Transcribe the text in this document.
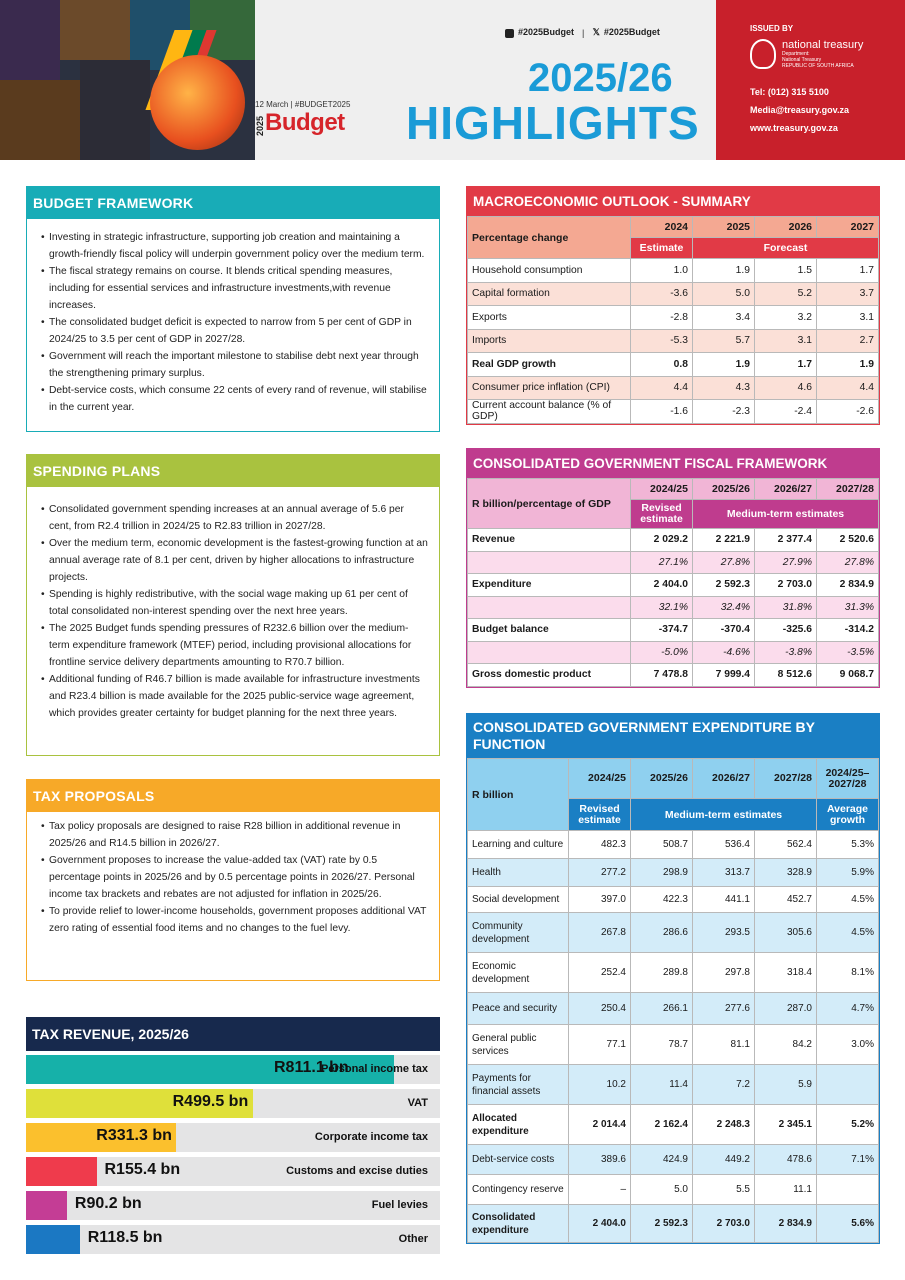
12 March | #BUDGET2025
Budget
2025
#2025Budget | 𝕏 #2025Budget
2025/26
HIGHLIGHTS
ISSUED BY
national treasury
Department:
National Treasury
REPUBLIC OF SOUTH AFRICA
Tel: (012) 315 5100
Media@treasury.gov.za
www.treasury.gov.za
BUDGET FRAMEWORK
• Investing in strategic infrastructure, supporting job creation and maintaining a growth-friendly fiscal policy will underpin government policy over the medium term.
• The fiscal strategy remains on course. It blends critical spending measures, including for essential services and infrastructure investments,with revenue increases.
• The consolidated budget deficit is expected to narrow from 5 per cent of GDP in 2024/25 to 3.5 per cent of GDP in 2027/28.
• Government will reach the important milestone to stabilise debt next year through the strengthening primary surplus.
• Debt-service costs, which consume 22 cents of every rand of revenue, will stabilise in the current year.
SPENDING PLANS
• Consolidated government spending increases at an annual average of 5.6 per cent, from R2.4 trillion in 2024/25 to R2.83 trillion in 2027/28.
• Over the medium term, economic development is the fastest-growing function at an annual average rate of 8.1 per cent, driven by higher allocations to infrastructure projects.
• Spending is highly redistributive, with the social wage making up 61 per cent of total consolidated non-interest spending over the next hree years.
• The 2025 Budget funds spending pressures of R232.6 billion over the medium-term expenditure framework (MTEF) period, including provisional allocations for frontline service delivery departments amounting to R70.7 billion.
• Additional funding of R46.7 billion is made available for infrastructure investments and R23.4 billion is made available for the 2025 public-service wage agreement, which provides greater certainty for budget planning for the next three years.
TAX PROPOSALS
• Tax policy proposals are designed to raise R28 billion in additional revenue in 2025/26 and R14.5 billion in 2026/27.
• Government proposes to increase the value-added tax (VAT) rate by 0.5 percentage points in 2025/26 and by 0.5 percentage points in 2026/27. Personal income tax brackets and rebates are not adjusted for inflation in 2025/26.
• To provide relief to lower-income households, government proposes additional VAT zero rating of essential food items and no changes to the fuel levy.
TAX REVENUE, 2025/26
R811.1 bn
Personal income tax
R499.5 bn	VAT
R331.3 bn	Corporate income tax
R155.4 bn	Customs and excise duties
R90.2 bn	Fuel levies
R118.5 bn	Other
MACROECONOMIC OUTLOOK - SUMMARY
Percentage change	2024	2025	2026	2027
	Estimate	Forecast		
Household consumption	1.0	1.9	1.5	1.7
Capital formation	-3.6	5.0	5.2	3.7
Exports	-2.8	3.4	3.2	3.1
Imports	-5.3	5.7	3.1	2.7
Real GDP growth	0.8	1.9	1.7	1.9
Consumer price inflation (CPI)	4.4	4.3	4.6	4.4
Current account balance (% of GDP)	-1.6	-2.3	-2.4	-2.6
CONSOLIDATED GOVERNMENT FISCAL FRAMEWORK
R billion/percentage of GDP	2024/25	2025/26	2026/27	2027/28
	Revised estimate	Medium-term estimates		
Revenue	2 029.2	2 221.9	2 377.4	2 520.6
	27.1%	27.8%	27.9%	27.8%
Expenditure	2 404.0	2 592.3	2 703.0	2 834.9
	32.1%	32.4%	31.8%	31.3%
Budget balance	-374.7	-370.4	-325.6	-314.2
	-5.0%	-4.6%	-3.8%	-3.5%
Gross domestic product	7 478.8	7 999.4	8 512.6	9 068.7
CONSOLIDATED GOVERNMENT EXPENDITURE BY FUNCTION
R billion	2024/25	2025/26	2026/27	2027/28	2024/25–2027/28
	Revised estimate	Medium-term estimates			Average growth
Learning and culture	482.3	508.7	536.4	562.4	5.3%
Health	277.2	298.9	313.7	328.9	5.9%
Social development	397.0	422.3	441.1	452.7	4.5%
Community development	267.8	286.6	293.5	305.6	4.5%
Economic development	252.4	289.8	297.8	318.4	8.1%
Peace and security	250.4	266.1	277.6	287.0	4.7%
General public services	77.1	78.7	81.1	84.2	3.0%
Payments for financial assets	10.2	11.4	7.2	5.9	
Allocated expenditure	2 014.4	2 162.4	2 248.3	2 345.1	5.2%
Debt-service costs	389.6	424.9	449.2	478.6	7.1%
Contingency reserve	–	5.0	5.5	11.1	
Consolidated expenditure	2 404.0	2 592.3	2 703.0	2 834.9	5.6%
